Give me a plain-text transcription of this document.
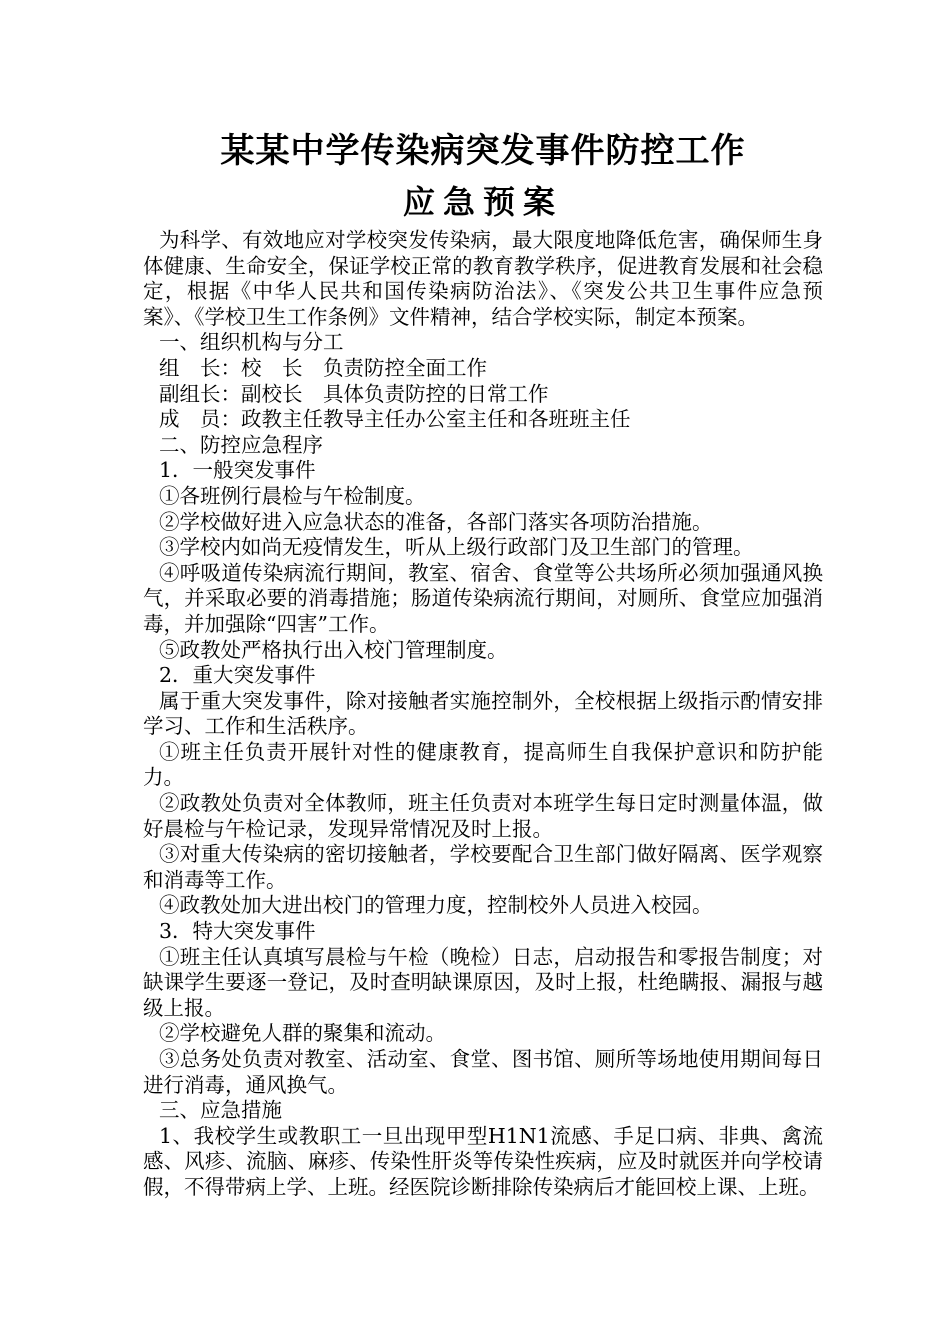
某某中学传染病突发事件防控工作
应急预案

为科学、有效地应对学校突发传染病，最大限度地降低危害，确保师生身体健康、生命安全，保证学校正常的教育教学秩序，促进教育发展和社会稳定，根据《中华人民共和国传染病防治法》、《突发公共卫生事件应急预案》、《学校卫生工作条例》文件精神，结合学校实际，制定本预案。

一、组织机构与分工

组　长：校　长　负责防控全面工作

副组长：副校长　具体负责防控的日常工作

成　员：政教主任教导主任办公室主任和各班班主任

二、防控应急程序

1．一般突发事件

①各班例行晨检与午检制度。

②学校做好进入应急状态的准备，各部门落实各项防治措施。

③学校内如尚无疫情发生，听从上级行政部门及卫生部门的管理。

④呼吸道传染病流行期间，教室、宿舍、食堂等公共场所必须加强通风换气，并采取必要的消毒措施；肠道传染病流行期间，对厕所、食堂应加强消毒，并加强除“四害”工作。

⑤政教处严格执行出入校门管理制度。

2．重大突发事件

属于重大突发事件，除对接触者实施控制外，全校根据上级指示酌情安排学习、工作和生活秩序。

①班主任负责开展针对性的健康教育，提高师生自我保护意识和防护能力。

②政教处负责对全体教师，班主任负责对本班学生每日定时测量体温，做好晨检与午检记录，发现异常情况及时上报。

③对重大传染病的密切接触者，学校要配合卫生部门做好隔离、医学观察和消毒等工作。

④政教处加大进出校门的管理力度，控制校外人员进入校园。

3．特大突发事件

①班主任认真填写晨检与午检（晚检）日志，启动报告和零报告制度；对缺课学生要逐一登记，及时查明缺课原因，及时上报，杜绝瞒报、漏报与越级上报。

②学校避免人群的聚集和流动。

③总务处负责对教室、活动室、食堂、图书馆、厕所等场地使用期间每日进行消毒，通风换气。

三、应急措施

1、我校学生或教职工一旦出现甲型H1N1流感、手足口病、非典、禽流感、风疹、流脑、麻疹、传染性肝炎等传染性疾病，应及时就医并向学校请假，不得带病上学、上班。经医院诊断排除传染病后才能回校上课、上班。
